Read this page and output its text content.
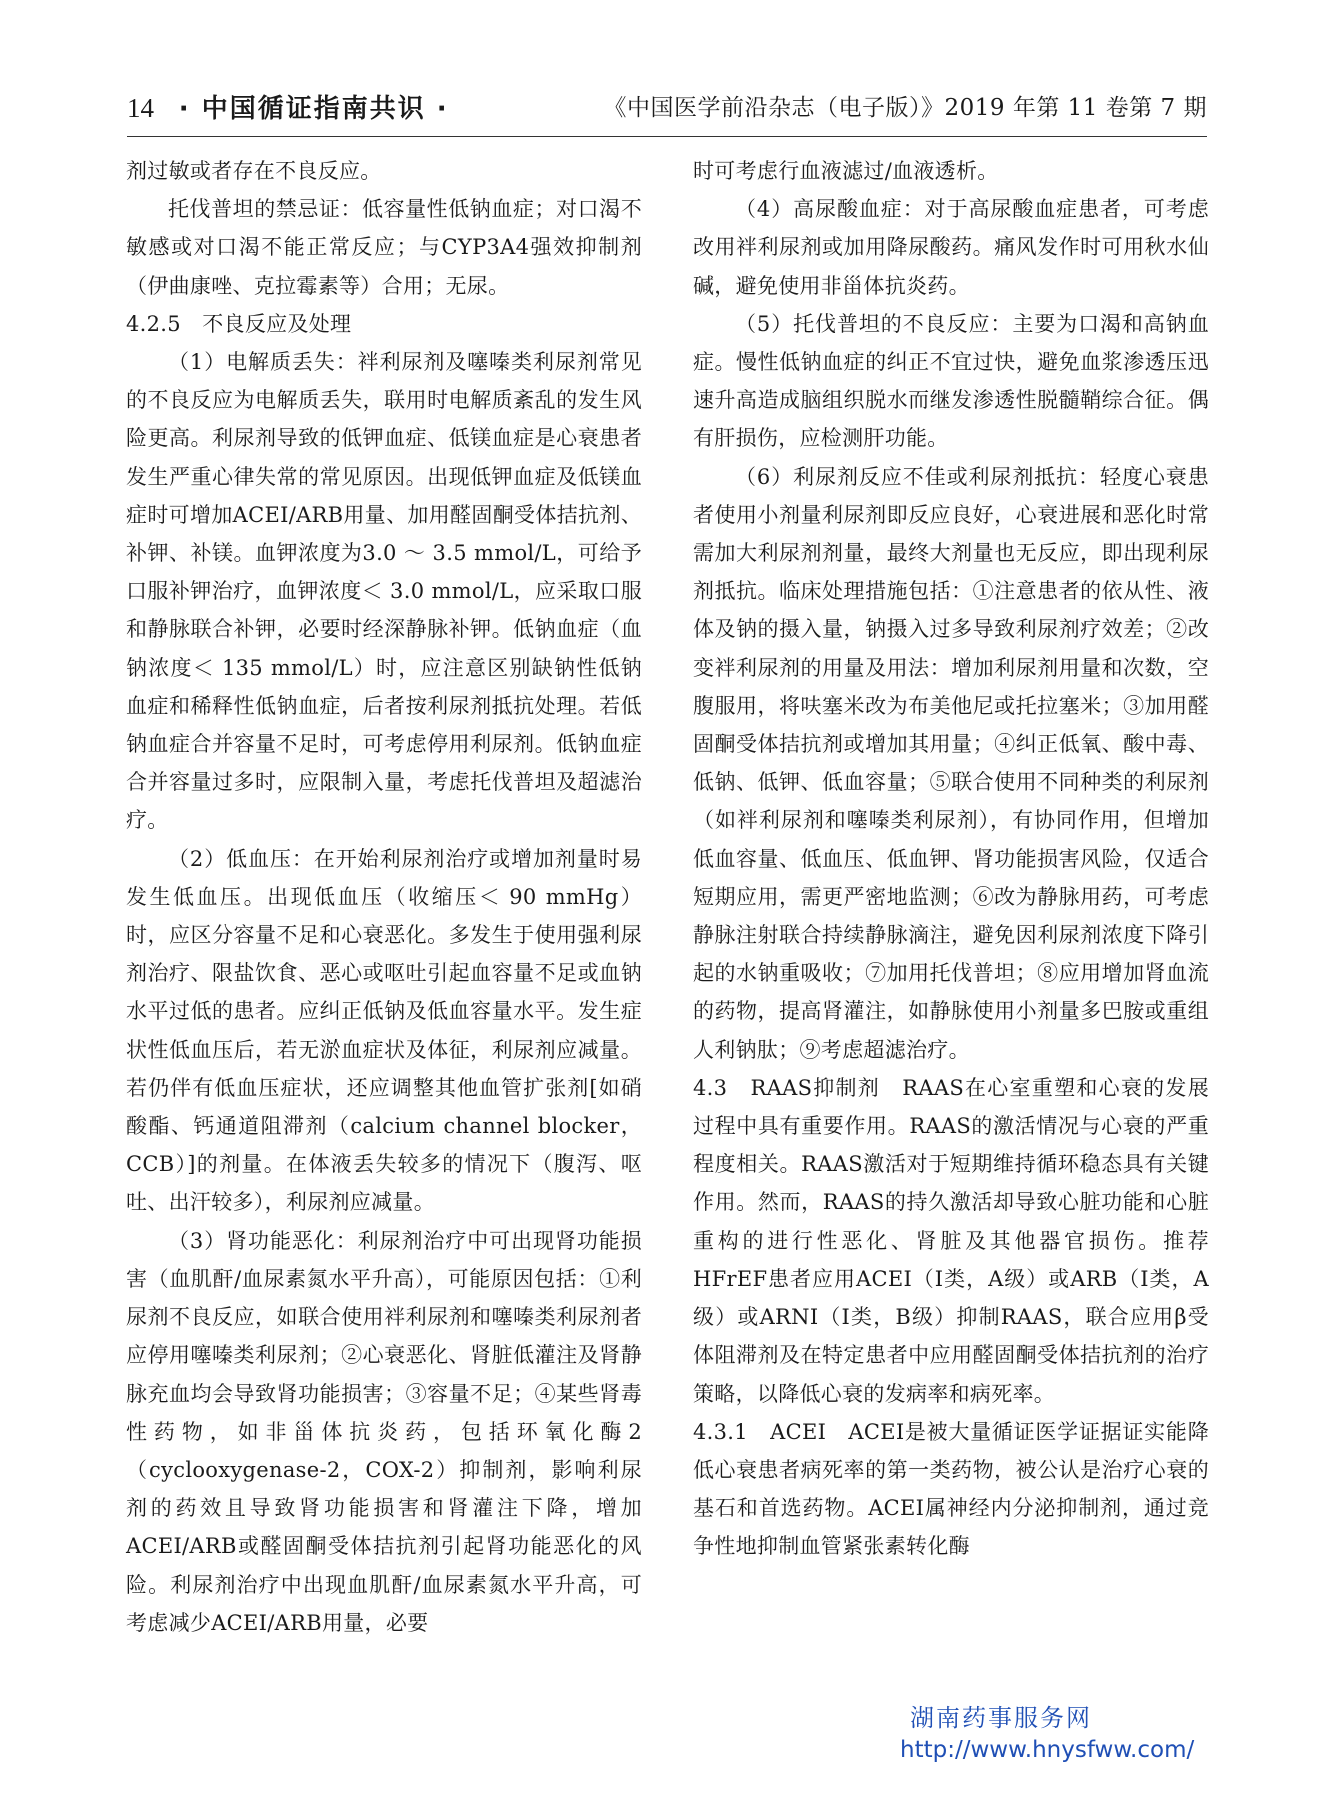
14 · 中国循证指南共识 ·	《中国医学前沿杂志（电子版）》2019 年第 11 卷第 7 期

剂过敏或者存在不良反应。

托伐普坦的禁忌证：低容量性低钠血症；对口渴不敏感或对口渴不能正常反应；与CYP3A4强效抑制剂（伊曲康唑、克拉霉素等）合用；无尿。

4.2.5　不良反应及处理

（1）电解质丢失：袢利尿剂及噻嗪类利尿剂常见的不良反应为电解质丢失，联用时电解质紊乱的发生风险更高。利尿剂导致的低钾血症、低镁血症是心衰患者发生严重心律失常的常见原因。出现低钾血症及低镁血症时可增加ACEI/ARB用量、加用醛固酮受体拮抗剂、补钾、补镁。血钾浓度为3.0 ～ 3.5 mmol/L，可给予口服补钾治疗，血钾浓度＜ 3.0 mmol/L，应采取口服和静脉联合补钾，必要时经深静脉补钾。低钠血症（血钠浓度＜ 135 mmol/L）时，应注意区别缺钠性低钠血症和稀释性低钠血症，后者按利尿剂抵抗处理。若低钠血症合并容量不足时，可考虑停用利尿剂。低钠血症合并容量过多时，应限制入量，考虑托伐普坦及超滤治疗。

（2）低血压：在开始利尿剂治疗或增加剂量时易发生低血压。出现低血压（收缩压＜ 90 mmHg）时，应区分容量不足和心衰恶化。多发生于使用强利尿剂治疗、限盐饮食、恶心或呕吐引起血容量不足或血钠水平过低的患者。应纠正低钠及低血容量水平。发生症状性低血压后，若无淤血症状及体征，利尿剂应减量。若仍伴有低血压症状，还应调整其他血管扩张剂[如硝酸酯、钙通道阻滞剂（calcium channel blocker，CCB）]的剂量。在体液丢失较多的情况下（腹泻、呕吐、出汗较多），利尿剂应减量。

（3）肾功能恶化：利尿剂治疗中可出现肾功能损害（血肌酐/血尿素氮水平升高），可能原因包括：①利尿剂不良反应，如联合使用袢利尿剂和噻嗪类利尿剂者应停用噻嗪类利尿剂；②心衰恶化、肾脏低灌注及肾静脉充血均会导致肾功能损害；③容量不足；④某些肾毒性药物，如非甾体抗炎药，包括环氧化酶2（cyclooxygenase-2，COX-2）抑制剂，影响利尿剂的药效且导致肾功能损害和肾灌注下降，增加ACEI/ARB或醛固酮受体拮抗剂引起肾功能恶化的风险。利尿剂治疗中出现血肌酐/血尿素氮水平升高，可考虑减少ACEI/ARB用量，必要

时可考虑行血液滤过/血液透析。

（4）高尿酸血症：对于高尿酸血症患者，可考虑改用袢利尿剂或加用降尿酸药。痛风发作时可用秋水仙碱，避免使用非甾体抗炎药。

（5）托伐普坦的不良反应：主要为口渴和高钠血症。慢性低钠血症的纠正不宜过快，避免血浆渗透压迅速升高造成脑组织脱水而继发渗透性脱髓鞘综合征。偶有肝损伤，应检测肝功能。

（6）利尿剂反应不佳或利尿剂抵抗：轻度心衰患者使用小剂量利尿剂即反应良好，心衰进展和恶化时常需加大利尿剂剂量，最终大剂量也无反应，即出现利尿剂抵抗。临床处理措施包括：①注意患者的依从性、液体及钠的摄入量，钠摄入过多导致利尿剂疗效差；②改变袢利尿剂的用量及用法：增加利尿剂用量和次数，空腹服用，将呋塞米改为布美他尼或托拉塞米；③加用醛固酮受体拮抗剂或增加其用量；④纠正低氧、酸中毒、低钠、低钾、低血容量；⑤联合使用不同种类的利尿剂（如袢利尿剂和噻嗪类利尿剂），有协同作用，但增加低血容量、低血压、低血钾、肾功能损害风险，仅适合短期应用，需更严密地监测；⑥改为静脉用药，可考虑静脉注射联合持续静脉滴注，避免因利尿剂浓度下降引起的水钠重吸收；⑦加用托伐普坦；⑧应用增加肾血流的药物，提高肾灌注，如静脉使用小剂量多巴胺或重组人利钠肽；⑨考虑超滤治疗。

4.3　RAAS抑制剂　RAAS在心室重塑和心衰的发展过程中具有重要作用。RAAS的激活情况与心衰的严重程度相关。RAAS激活对于短期维持循环稳态具有关键作用。然而，RAAS的持久激活却导致心脏功能和心脏重构的进行性恶化、肾脏及其他器官损伤。推荐HFrEF患者应用ACEI（Ⅰ类，A级）或ARB（Ⅰ类，A级）或ARNI（Ⅰ类，B级）抑制RAAS，联合应用β受体阻滞剂及在特定患者中应用醛固酮受体拮抗剂的治疗策略，以降低心衰的发病率和病死率。

4.3.1　ACEI　ACEI是被大量循证医学证据证实能降低心衰患者病死率的第一类药物，被公认是治疗心衰的基石和首选药物。ACEI属神经内分泌抑制剂，通过竞争性地抑制血管紧张素转化酶

湖南药事服务网
http://www.hnysfww.com/
